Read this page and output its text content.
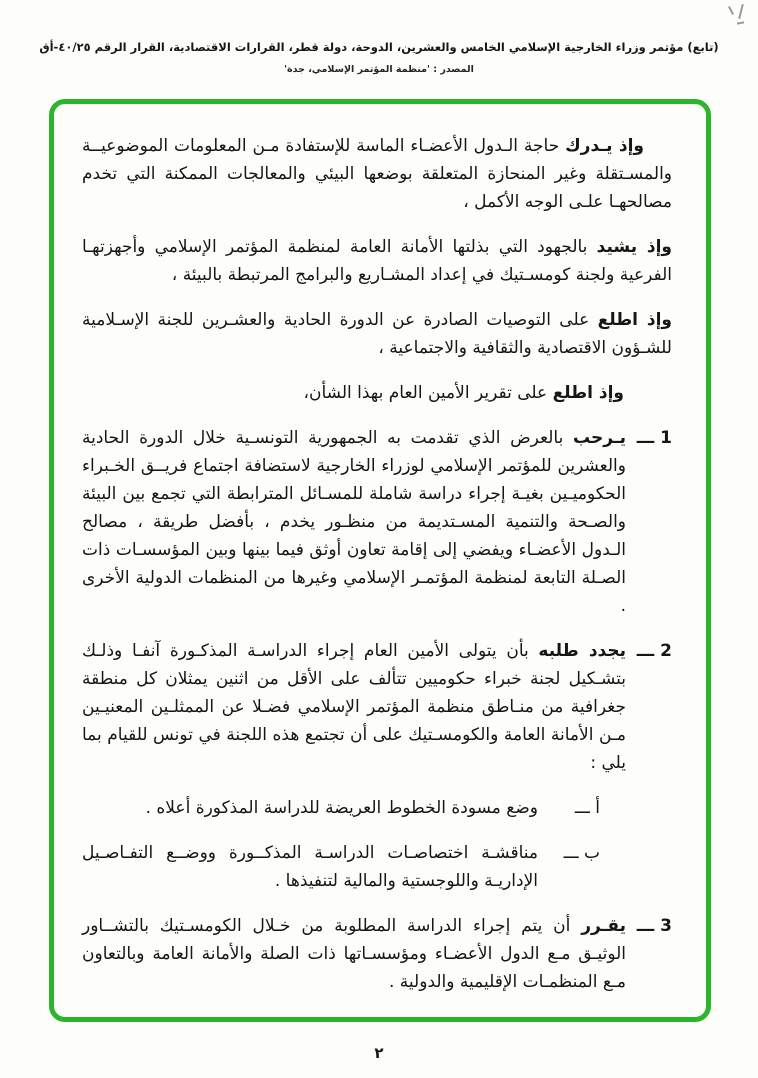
(تابع) مؤتمر وزراء الخارجية الإسلامي الخامس والعشرين، الدوحة، دولة قطر، القرارات الاقتصادية، القرار الرقم ٤٠/٢٥-أق
المصدر : 'منظمة المؤتمر الإسلامي، جدة'

وإذ يـدرك حاجة الـدول الأعضـاء الماسة للإستفادة مـن المعلومات الموضوعيــة والمسـتقلة وغير المنحازة المتعلقة بوضعها البيئي والمعالجات الممكنة التي تخدم مصالحهـا علـى الوجه الأكمل ،

وإذ يشيد بالجهود التي بذلتها الأمانة العامة لمنظمة المؤتمر الإسلامي وأجهزتهـا الفرعية ولجنة كومسـتيك في إعداد المشـاريع والبرامج المرتبطة بالبيئة ،

وإذ اطلع على التوصيات الصادرة عن الدورة الحادية والعشـرين للجنة الإسـلامية للشـؤون الاقتصادية والثقافية والاجتماعية ،

وإذ اطلع على تقرير الأمين العام بهذا الشأن،

1 ـــ

يـرحب بالعرض الذي تقدمت به الجمهورية التونسـية خلال الدورة الحادية والعشرين للمؤتمر الإسلامي لوزراء الخارجية لاستضافة اجتماع فريــق الخـبراء الحكوميـين بغيـة إجراء دراسة شاملة للمسـائل المترابطة التي تجمع بين البيئة والصـحة والتنمية المسـتديمة من منظـور يخدم ، بأفضل طريقة ، مصالح الـدول الأعضـاء ويفضي إلى إقامة تعاون أوثق فيما بينها وبين المؤسسـات ذات الصـلة التابعة لمنظمة المؤتمـر الإسلامي وغيرها من المنظمات الدولية الأخرى .

2 ـــ

يجدد طلبه بأن يتولى الأمين العام إجراء الدراسـة المذكـورة آنفـا وذلـك بتشـكيل لجنة خبراء حكوميين تتألف على الأقل من اثنين يمثلان كل منطقة جغرافية من منـاطق منظمة المؤتمر الإسلامي فضـلا عن الممثلـين المعنيـين مـن الأمانة العامة والكومسـتيك على أن تجتمع هذه اللجنة في تونس للقيام بما يلي :

أ ـــ

وضع مسودة الخطوط العريضة للدراسة المذكورة أعلاه .

ب ـــ

مناقشـة اختصاصـات الدراسـة المذكــورة ووضــع التفـاصـيل الإداريـة واللوجستية والمالية لتنفيذها .

3 ـــ

يقـرر أن يتم إجراء الدراسة المطلوبة من خـلال الكومسـتيك بالتشــاور الوثيـق مـع الدول الأعضـاء ومؤسسـاتها ذات الصلة والأمانة العامة وبالتعاون مـع المنظمـات الإقليمية والدولية .

٢
